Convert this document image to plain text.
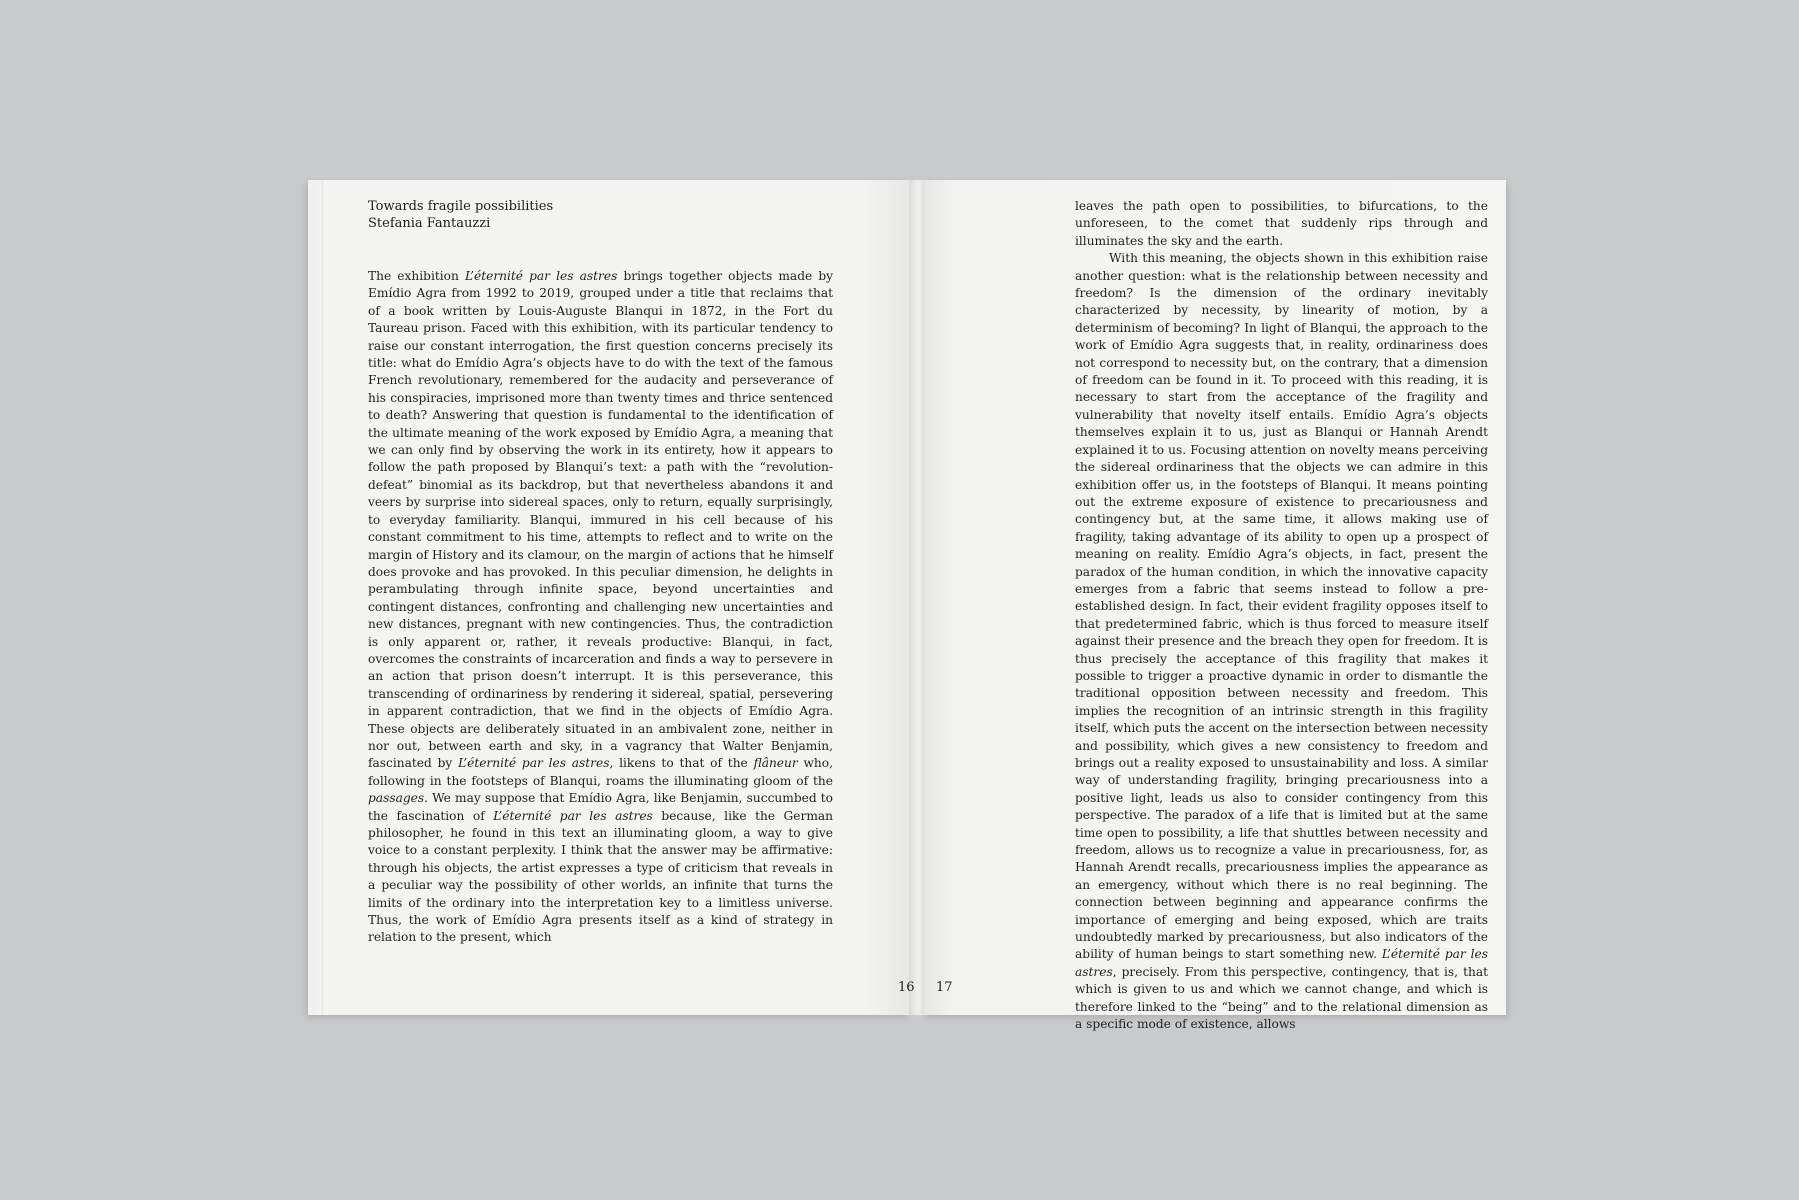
Towards fragile possibilities
Stefania Fantauzzi

The exhibition L’éternité par les astres brings together objects made by Emídio Agra from 1992 to 2019, grouped under a title that reclaims that of a book written by Louis-Auguste Blanqui in 1872, in the Fort du Taureau prison. Faced with this exhibition, with its particular tendency to raise our constant interrogation, the first question concerns precisely its title: what do Emídio Agra’s objects have to do with the text of the famous French revolutionary, remembered for the audacity and perseverance of his conspiracies, imprisoned more than twenty times and thrice sentenced to death? Answering that question is fundamental to the identification of the ultimate meaning of the work exposed by Emídio Agra, a meaning that we can only find by observing the work in its entirety, how it appears to follow the path proposed by Blanqui’s text: a path with the “revolution-defeat” binomial as its backdrop, but that nevertheless abandons it and veers by surprise into sidereal spaces, only to return, equally surprisingly, to everyday familiarity. Blanqui, immured in his cell because of his constant commitment to his time, attempts to reflect and to write on the margin of History and its clamour, on the margin of actions that he himself does provoke and has provoked. In this peculiar dimension, he delights in perambulating through infinite space, beyond uncertainties and contingent distances, confronting and challenging new uncertainties and new distances, pregnant with new contingencies. Thus, the contradiction is only apparent or, rather, it reveals productive: Blanqui, in fact, overcomes the constraints of incarceration and finds a way to persevere in an action that prison doesn’t interrupt. It is this perseverance, this transcending of ordinariness by rendering it sidereal, spatial, persevering in apparent contradiction, that we find in the objects of Emídio Agra. These objects are deliberately situated in an ambivalent zone, neither in nor out, between earth and sky, in a vagrancy that Walter Benjamin, fascinated by L’éternité par les astres, likens to that of the flâneur who, following in the footsteps of Blanqui, roams the illuminating gloom of the passages. We may suppose that Emídio Agra, like Benjamin, succumbed to the fascination of L’éternité par les astres because, like the German philosopher, he found in this text an illuminating gloom, a way to give voice to a constant perplexity. I think that the answer may be affirmative: through his objects, the artist expresses a type of criticism that reveals in a peculiar way the possibility of other worlds, an infinite that turns the limits of the ordinary into the interpretation key to a limitless universe. Thus, the work of Emídio Agra presents itself as a kind of strategy in relation to the present, which

leaves the path open to possibilities, to bifurcations, to the unforeseen, to the comet that suddenly rips through and illuminates the sky and the earth.

With this meaning, the objects shown in this exhibition raise another question: what is the relationship between necessity and freedom? Is the dimension of the ordinary inevitably characterized by necessity, by linearity of motion, by a determinism of becoming? In light of Blanqui, the approach to the work of Emídio Agra suggests that, in reality, ordinariness does not correspond to necessity but, on the contrary, that a dimension of freedom can be found in it. To proceed with this reading, it is necessary to start from the acceptance of the fragility and vulnerability that novelty itself entails. Emídio Agra’s objects themselves explain it to us, just as Blanqui or Hannah Arendt explained it to us. Focusing attention on novelty means perceiving the sidereal ordinariness that the objects we can admire in this exhibition offer us, in the footsteps of Blanqui. It means pointing out the extreme exposure of existence to precariousness and contingency but, at the same time, it allows making use of fragility, taking advantage of its ability to open up a prospect of meaning on reality. Emídio Agra’s objects, in fact, present the paradox of the human condition, in which the innovative capacity emerges from a fabric that seems instead to follow a pre-established design. In fact, their evident fragility opposes itself to that predetermined fabric, which is thus forced to measure itself against their presence and the breach they open for freedom. It is thus precisely the acceptance of this fragility that makes it possible to trigger a proactive dynamic in order to dismantle the traditional opposition between necessity and freedom. This implies the recognition of an intrinsic strength in this fragility itself, which puts the accent on the intersection between necessity and possibility, which gives a new consistency to freedom and brings out a reality exposed to unsustainability and loss. A similar way of understanding fragility, bringing precariousness into a positive light, leads us also to consider contingency from this perspective. The paradox of a life that is limited but at the same time open to possibility, a life that shuttles between necessity and freedom, allows us to recognize a value in precariousness, for, as Hannah Arendt recalls, precariousness implies the appearance as an emergency, without which there is no real beginning. The connection between beginning and appearance confirms the importance of emerging and being exposed, which are traits undoubtedly marked by precariousness, but also indicators of the ability of human beings to start something new. L’éternité par les astres, precisely. From this perspective, contingency, that is, that which is given to us and which we cannot change, and which is therefore linked to the “being” and to the relational dimension as a specific mode of existence, allows

16 17
